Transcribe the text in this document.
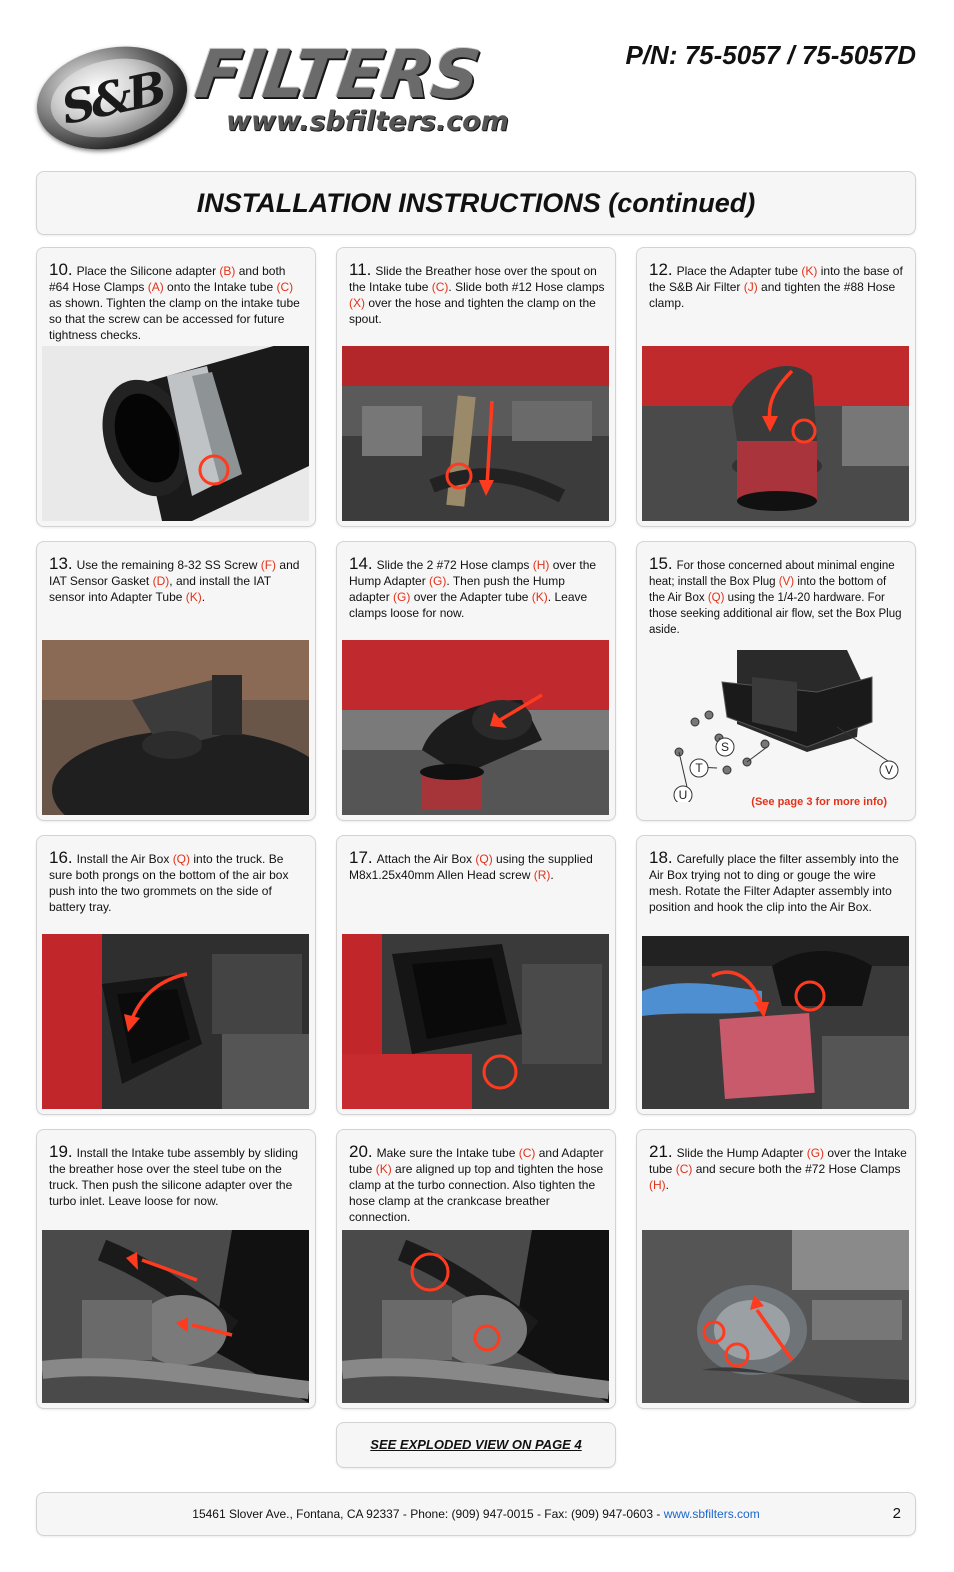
S&B FILTERS
www.sbfilters.com
P/N: 75-5057 / 75-5057D
INSTALLATION INSTRUCTIONS (continued)
10. Place the Silicone adapter (B) and both #64 Hose Clamps (A) onto the Intake tube (C) as shown. Tighten the clamp on the intake tube so that the screw can be accessed for future tightness checks.
11. Slide the Breather hose over the spout on the Intake tube (C). Slide both #12 Hose clamps (X) over the hose and tighten the clamp on the spout.
12. Place the Adapter tube (K) into the base of the S&B Air Filter (J) and tighten the #88 Hose clamp.
13. Use the remaining 8-32 SS Screw (F) and IAT Sensor Gasket (D), and install the IAT sensor into Adapter Tube (K).
14. Slide the 2 #72 Hose clamps (H) over the Hump Adapter (G). Then push the Hump adapter (G) over the Adapter tube (K). Leave clamps loose for now.
15. For those concerned about minimal engine heat; install the Box Plug (V) into the bottom of the Air Box (Q) using the 1/4-20 hardware. For those seeking additional air flow, set the Box Plug aside.
S
T
U
V
(See page 3 for more info)
16. Install the Air Box (Q) into the truck. Be sure both prongs on the bottom of the air box push into the two grommets on the side of battery tray.
17. Attach the Air Box (Q) using the supplied M8x1.25x40mm Allen Head screw (R).
18. Carefully place the filter assembly into the Air Box trying not to ding or gouge the wire mesh. Rotate the Filter Adapter assembly into position and hook the clip into the Air Box.
19. Install the Intake tube assembly by sliding the breather hose over the steel tube on the truck. Then push the silicone adapter over the turbo inlet. Leave loose for now.
20. Make sure the Intake tube (C) and Adapter tube (K) are aligned up top and tighten the hose clamp at the turbo connection. Also tighten the hose clamp at the crankcase breather connection.
21. Slide the Hump Adapter (G) over the Intake tube (C) and secure both the #72 Hose Clamps (H).
SEE EXPLODED VIEW ON PAGE 4
15461 Slover Ave., Fontana, CA 92337 - Phone: (909) 947-0015 - Fax: (909) 947-0603 - www.sbfilters.com	2
